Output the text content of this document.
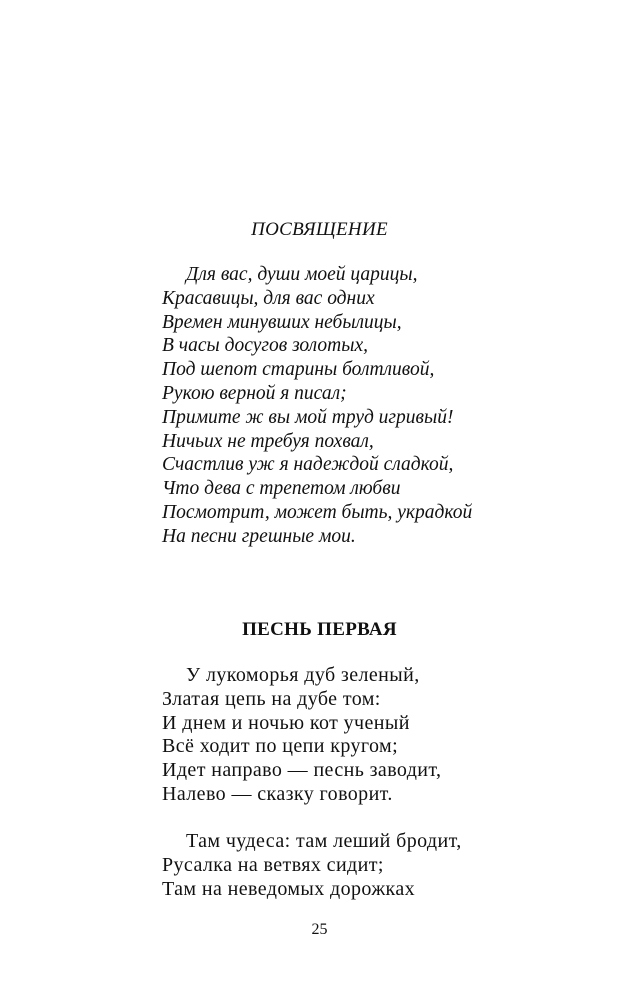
ПОСВЯЩЕНИЕ
Для вас, души моей царицы,
Красавицы, для вас одних
Времен минувших небылицы,
В часы досугов золотых,
Под шепот старины болтливой,
Рукою верной я писал;
Примите ж вы мой труд игривый!
Ничьих не требуя похвал,
Счастлив уж я надеждой сладкой,
Что дева с трепетом любви
Посмотрит, может быть, украдкой
На песни грешные мои.
ПЕСНЬ ПЕРВАЯ
У лукоморья дуб зеленый,
Златая цепь на дубе том:
И днем и ночью кот ученый
Всё ходит по цепи кругом;
Идет направо — песнь заводит,
Налево — сказку говорит.
Там чудеса: там леший бродит,
Русалка на ветвях сидит;
Там на неведомых дорожках
25
